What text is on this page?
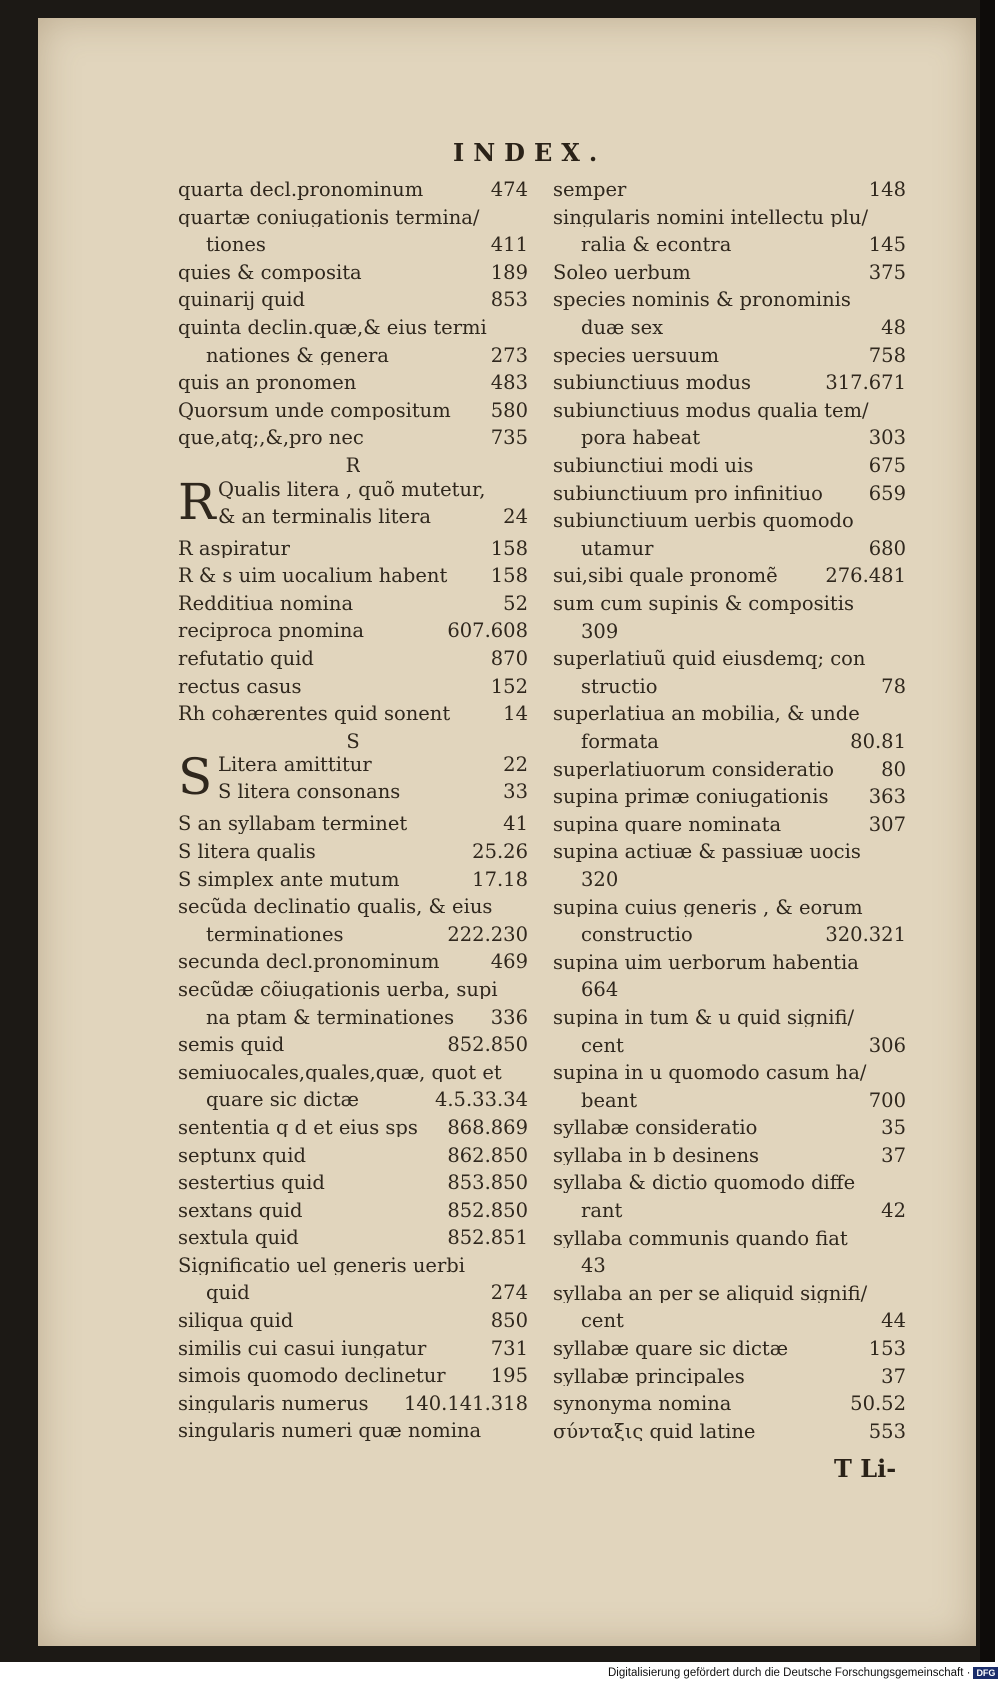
INDEX.
quarta decl.pronominum	474
quartæ coniugationis termina/
tiones	411
quies & composita	189
quinarij quid	853
quinta declin.quæ,& eius termi
nationes & genera	273
quis an pronomen	483
Quorsum unde compositum	580
que,atq;,&,pro nec	735
R
R Qualis litera , quõ mutetur,
& an terminalis litera	24
R aspiratur	158
R & s uim uocalium habent	158
Redditiua nomina	52
reciproca pnomina	607.608
refutatio quid	870
rectus casus	152
Rh cohærentes quid sonent	14
S
S Litera amittitur	22
S litera consonans	33
S an syllabam terminet	41
S litera qualis	25.26
S simplex ante mutum	17.18
secũda declinatio qualis, & eius
terminationes	222.230
secunda decl.pronominum	469
secũdæ cõiugationis uerba, supi
na ptam & terminationes	336
semis quid	852.850
semiuocales,quales,quæ, quot et
quare sic dictæ	4.5.33.34
sententia q d et eius sps	868.869
septunx quid	862.850
sestertius quid	853.850
sextans quid	852.850
sextula quid	852.851
Significatio uel generis uerbi
quid	274
siliqua quid	850
similis cui casui iungatur	731
simois quomodo declinetur	195
singularis numerus	140.141.318
singularis numeri quæ nomina
semper	148
singularis nomini intellectu plu/
ralia & econtra	145
Soleo uerbum	375
species nominis & pronominis
duæ sex	48
species uersuum	758
subiunctiuus modus	317.671
subiunctiuus modus qualia tem/
pora habeat	303
subiunctiui modi uis	675
subiunctiuum pro infinitiuo	659
subiunctiuum uerbis quomodo
utamur	680
sui,sibi quale pronomẽ	276.481
sum cum supinis & compositis
309
superlatiuũ quid eiusdemq; con
structio	78
superlatiua an mobilia, & unde
formata	80.81
superlatiuorum consideratio	80
supina primæ coniugationis	363
supina quare nominata	307
supina actiuæ & passiuæ uocis
320
supina cuius generis , & eorum
constructio	320.321
supina uim uerborum habentia
664
supina in tum & u quid signifi/
cent	306
supina in u quomodo casum ha/
beant	700
syllabæ consideratio	35
syllaba in b desinens	37
syllaba & dictio quomodo diffe
rant	42
syllaba communis quando fiat
43
syllaba an per se aliquid signifi/
cent	44
syllabæ quare sic dictæ	153
syllabæ principales	37
synonyma nomina	50.52
σύνταξις quid latine	553
T Li-
Digitalisierung gefördert durch die Deutsche Forschungsgemeinschaft · DFG
